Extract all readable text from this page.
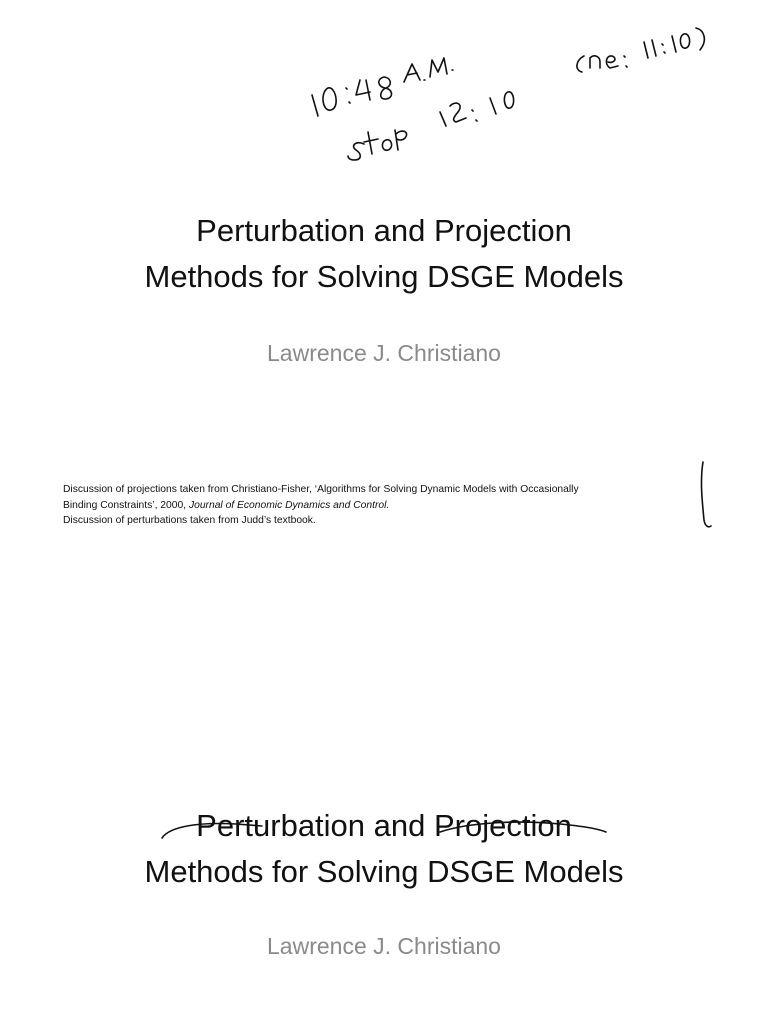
Perturbation and Projection
Methods for Solving DSGE Models
Lawrence J. Christiano
Discussion of projections taken from Christiano-Fisher, ‘Algorithms for Solving Dynamic Models with Occasionally
Binding Constraints’, 2000, Journal of Economic Dynamics and Control.
Discussion of perturbations taken from Judd’s textbook.
Perturbation and Projection
Methods for Solving DSGE Models
Lawrence J. Christiano
